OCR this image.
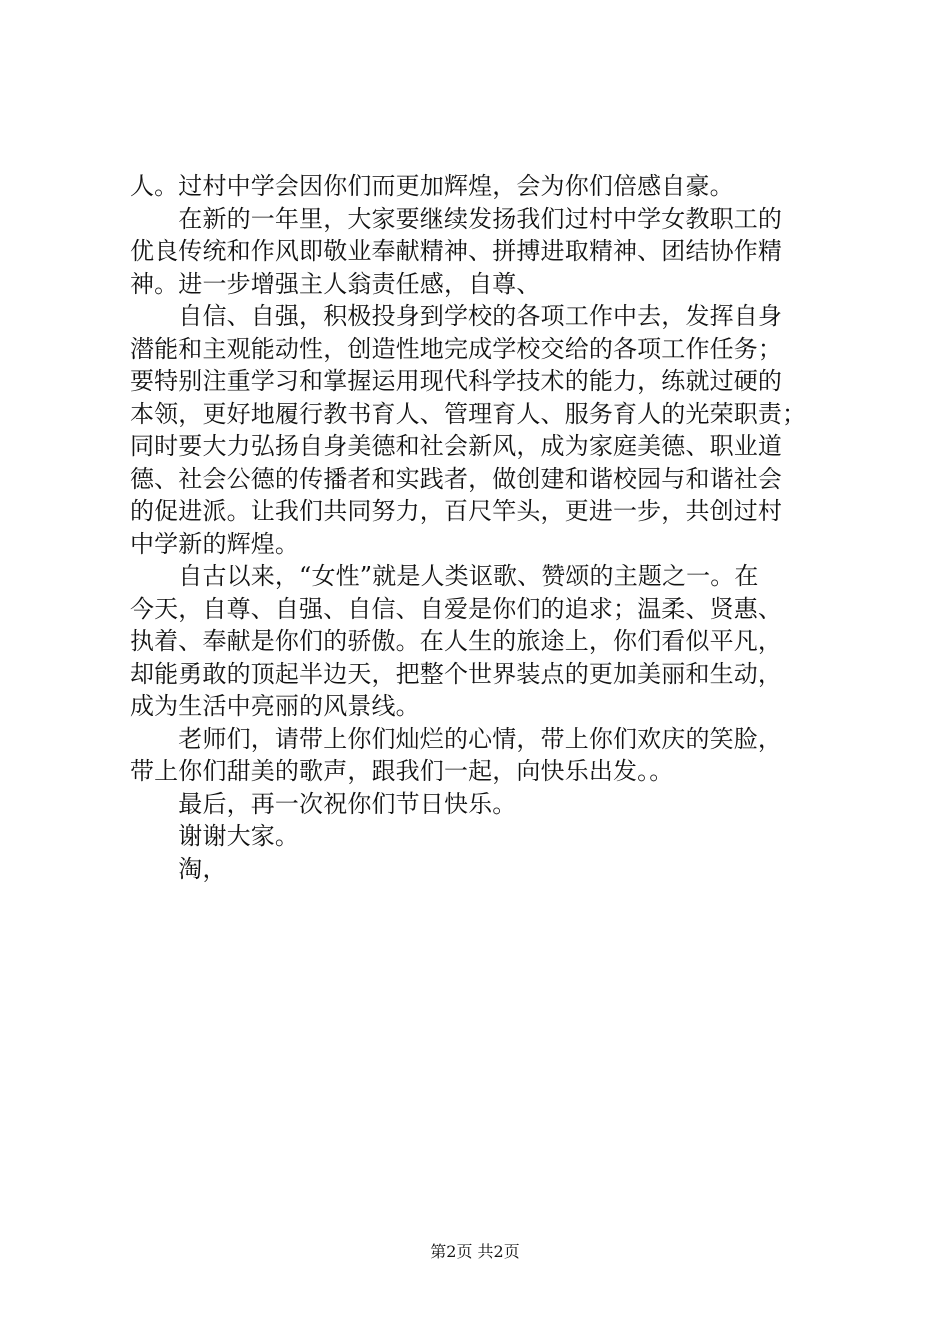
人。过村中学会因你们而更加辉煌，会为你们倍感自豪。
　　在新的一年里，大家要继续发扬我们过村中学女教职工的
优良传统和作风即敬业奉献精神、拼搏进取精神、团结协作精
神。进一步增强主人翁责任感，自尊、
　　自信、自强，积极投身到学校的各项工作中去，发挥自身
潜能和主观能动性，创造性地完成学校交给的各项工作任务；
要特别注重学习和掌握运用现代科学技术的能力，练就过硬的
本领，更好地履行教书育人、管理育人、服务育人的光荣职责；
同时要大力弘扬自身美德和社会新风，成为家庭美德、职业道
德、社会公德的传播者和实践者，做创建和谐校园与和谐社会
的促进派。让我们共同努力，百尺竿头，更进一步，共创过村
中学新的辉煌。
　　自古以来，“女性”就是人类讴歌、赞颂的主题之一。在
今天，自尊、自强、自信、自爱是你们的追求；温柔、贤惠、
执着、奉献是你们的骄傲。在人生的旅途上，你们看似平凡，
却能勇敢的顶起半边天，把整个世界装点的更加美丽和生动，
成为生活中亮丽的风景线。
　　老师们，请带上你们灿烂的心情，带上你们欢庆的笑脸，
带上你们甜美的歌声，跟我们一起，向快乐出发。。
　　最后，再一次祝你们节日快乐。
　　谢谢大家。
　　淘，
第2页 共2页
